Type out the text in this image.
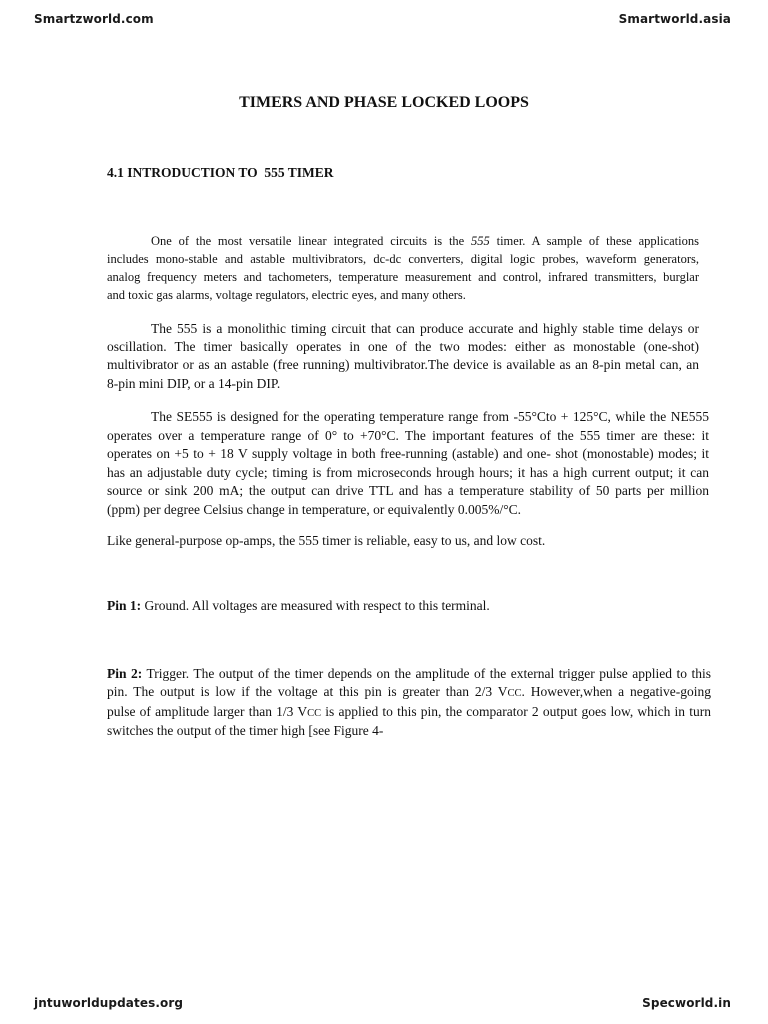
Smartzworld.com	Smartworld.asia
TIMERS AND PHASE LOCKED LOOPS
4.1 INTRODUCTION TO  555 TIMER
One of the most versatile linear integrated circuits is the 555 timer. A sample of these applications
includes mono-stable and astable multivibrators, dc-dc converters, digital logic probes, waveform generators,
analog frequency meters and tachometers, temperature measurement and control, infrared transmitters, burglar
and toxic gas alarms, voltage regulators, electric eyes, and many others.
The 555 is a monolithic timing circuit that can produce accurate and highly stable time delays or
oscillation. The timer basically operates in one of the two modes: either as monostable (one-shot)
multivibrator or as an astable (free running) multivibrator.The device is available as an 8-pin metal can, an
8-pin mini DIP, or a 14-pin DIP.
The SE555 is designed for the operating temperature range from -55°Cto + 125°C, while the NE555
operates over a temperature range of 0° to +70°C. The important features of the 555 timer are these: it
operates on +5 to + 18 V supply voltage in both free-running (astable) and one- shot (monostable) modes; it
has an adjustable duty cycle; timing is from microseconds hrough hours; it has a high current output; it can
source or sink 200 mA; the output can drive TTL and has a temperature stability of 50 parts per million
(ppm) per degree Celsius change in temperature, or equivalently 0.005%/°C.
Like general-purpose op-amps, the 555 timer is reliable, easy to us, and low cost.
Pin 1: Ground. All voltages are measured with respect to this terminal.
Pin 2: Trigger. The output of the timer depends on the amplitude of the external trigger pulse applied to this
pin. The output is low if the voltage at this pin is greater than 2/3 VCC. However,when a negative-going
pulse of amplitude larger than 1/3 VCC is applied to this pin, the comparator 2 output goes low, which in turn
switches the output of the timer high [see Figure 4-
jntuworldupdates.org	Specworld.in
